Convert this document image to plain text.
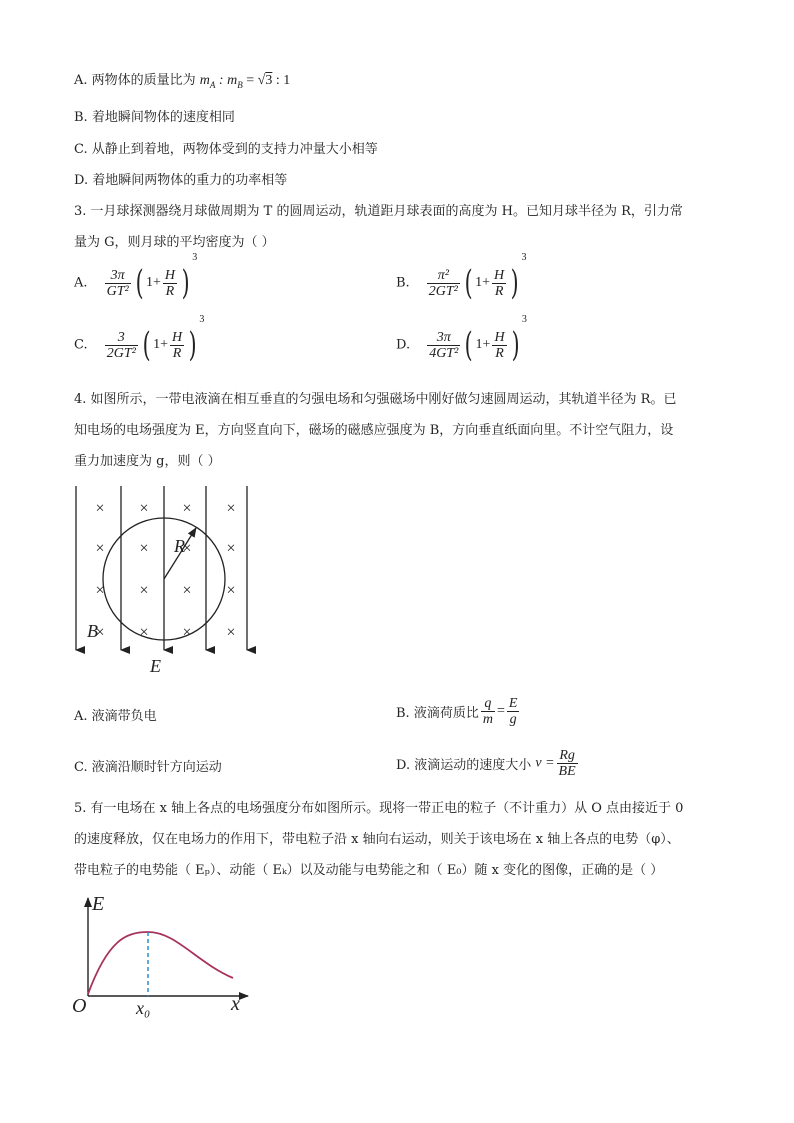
A. 两物体的质量比为 $m_A$ : $m_B = √3$ : 1
B. 着地瞬间物体的速度相同
C. 从静止到着地，两物体受到的支持力冲量大小相等
D. 着地瞬间两物体的重力的功率相等
3. 一月球探测器绕月球做周期为 T 的圆周运动，轨道距月球表面的高度为 H。已知月球半径为 R，引力常
量为 G，则月球的平均密度为（ ）
A. $\frac{3\pi}{\text{GT²}}$ ( $1+ \frac{H}{R} )^3$
B. $\frac{\text{π²}}{\text{2GT²}}$ ( $1+ \frac{H}{R} )^3$
C. $\frac{3}{\text{2GT²}}$ ( $1+ \frac{H}{R} )^3$
D. $\frac{3\pi}{\text{4GT²}}$ ( $1+ \frac{H}{R} )^3$
4. 如图所示，一带电液滴在相互垂直的匀强电场和匀强磁场中刚好做匀速圆周运动，其轨道半径为 R。已
知电场的电场强度为 E，方向竖直向下，磁场的磁感应强度为 B，方向垂直纸面向里。不计空气阻力，设
重力加速度为 g，则（ ）
× × × ×
× × × ×
× × × ×
× × × ×
R
B
E
A. 液滴带负电	B. 液滴荷质比 $\frac{q}{m} = \frac{E}{g}$
C. 液滴沿顺时针方向运动	D. 液滴运动的速度大小 $v = \frac{Rg}{BE}$
5. 有一电场在 x 轴上各点的电场强度分布如图所示。现将一带正电的粒子（不计重力）从 O 点由接近于 0
的速度释放，仅在电场力的作用下，带电粒子沿 x 轴向右运动，则关于该电场在 x 轴上各点的电势（φ）、
带电粒子的电势能（ Eₚ）、动能（ Eₖ）以及动能与电势能之和（ E₀）随 x 变化的图像，正确的是（ ）
E
O	x₀	x
